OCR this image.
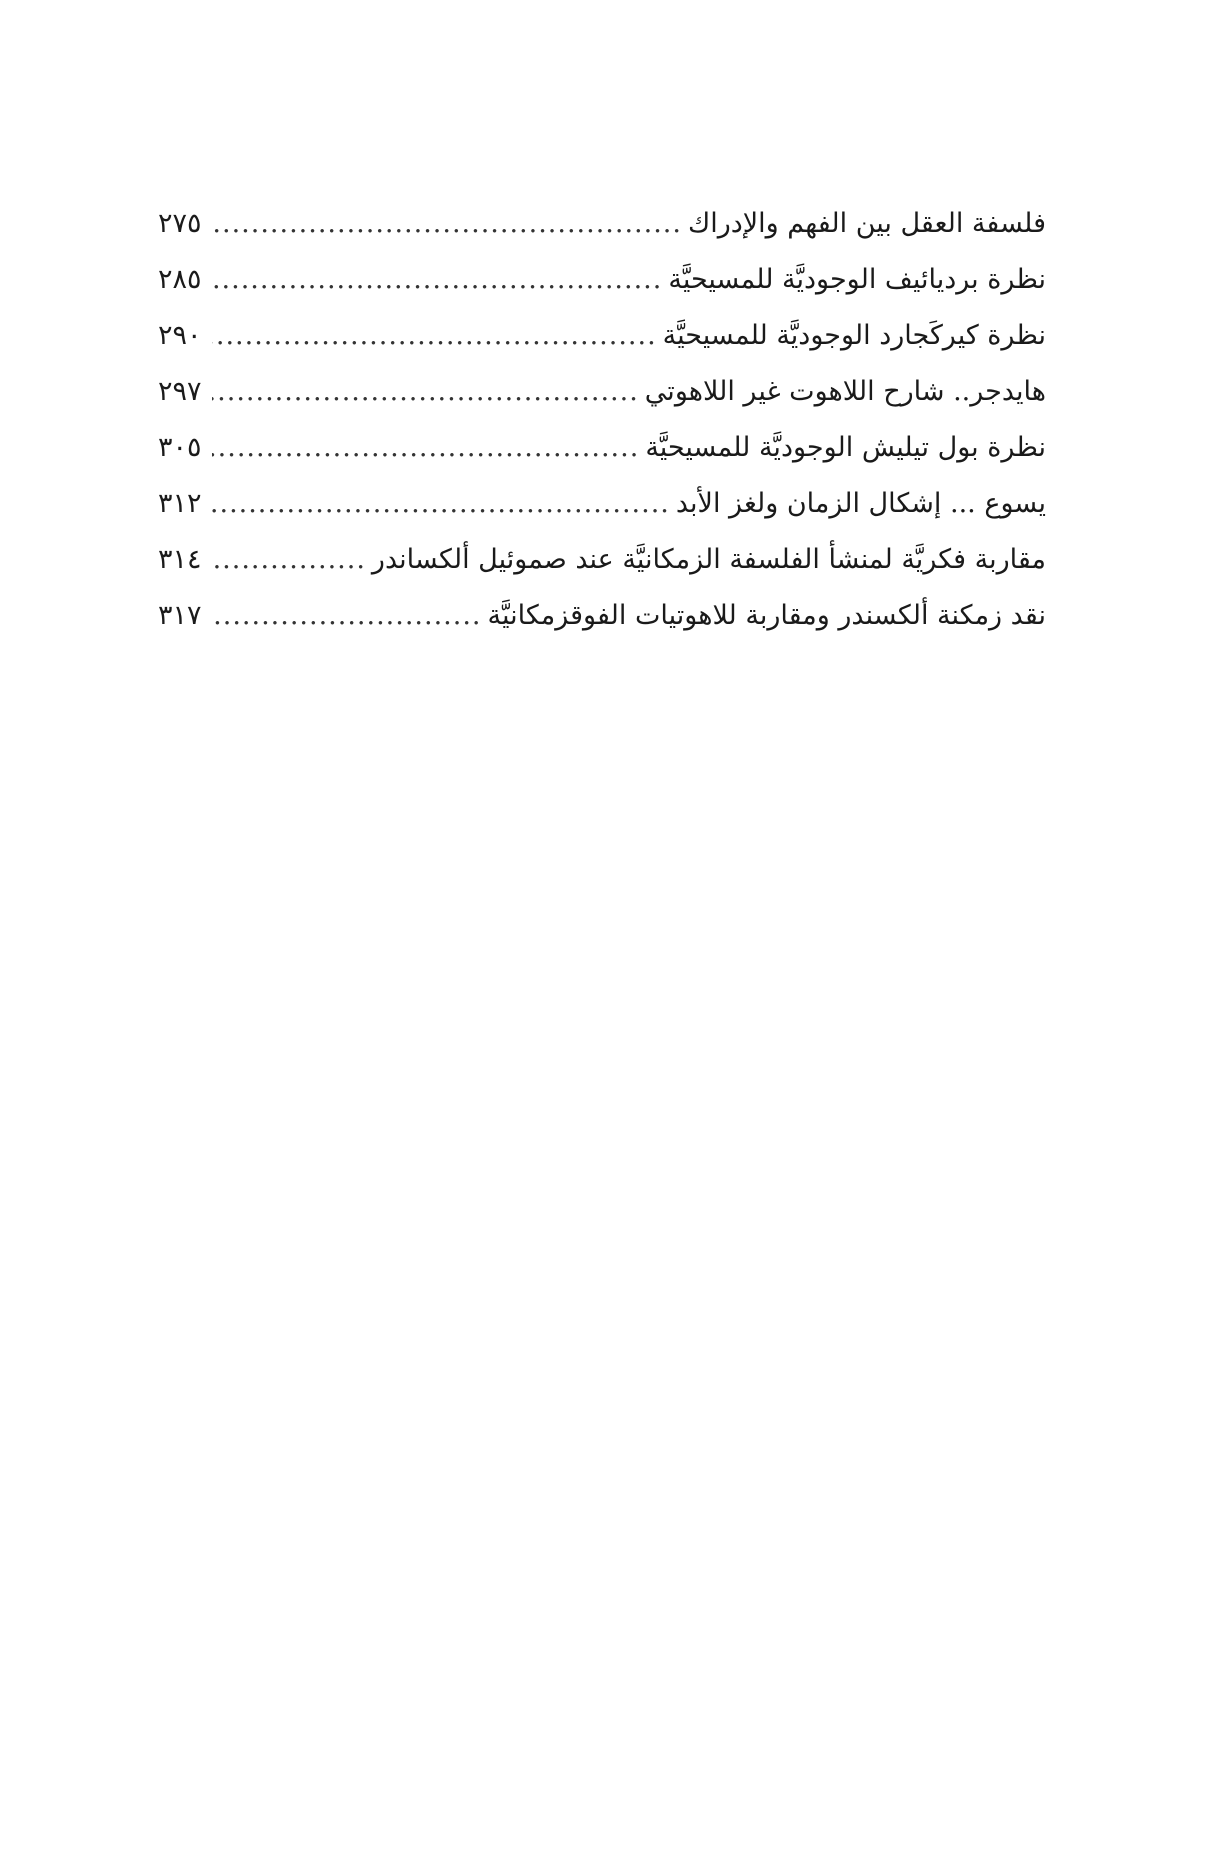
فلسفة العقل بين الفهم والإدراك
.....
٢٧٥
نظرة برديائيف الوجوديَّة للمسيحيَّة
.....
٢٨٥
نظرة كيركَجارد الوجوديَّة للمسيحيَّة
.....
٢٩٠
هايدجر.. شارح اللاهوت غير اللاهوتي
.....
٢٩٧
نظرة بول تيليش الوجوديَّة للمسيحيَّة
.....
٣٠٥
يسوع ... إشكال الزمان ولغز الأبد
.....
٣١٢
مقاربة فكريَّة لمنشأ الفلسفة الزمكانيَّة عند صموئيل ألكساندر
.....
٣١٤
نقد زمكنة ألكسندر ومقاربة للاهوتيات الفوقزمكانيَّة
.....
٣١٧
